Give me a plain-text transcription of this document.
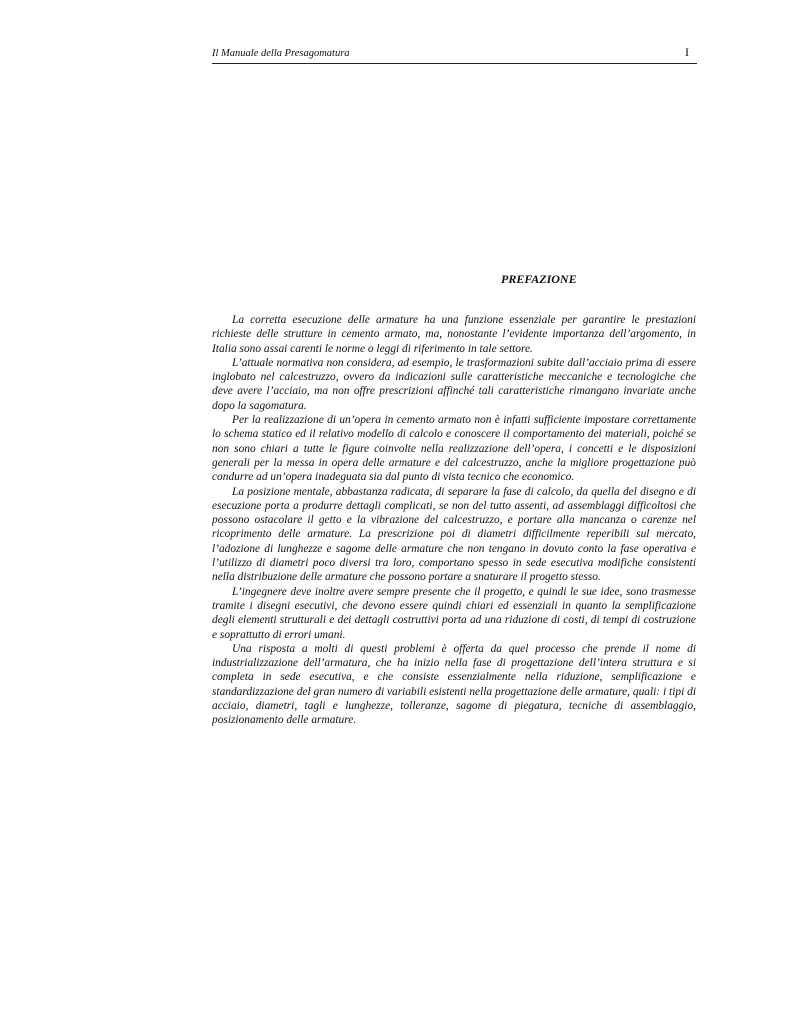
Il Manuale della Presagomatura	I
PREFAZIONE

La corretta esecuzione delle armature ha una funzione essenziale per garantire le prestazioni richieste delle strutture in cemento armato, ma, nonostante l’evidente importanza dell’argomento, in Italia sono assai carenti le norme o leggi di riferimento in tale settore.

L’attuale normativa non considera, ad esempio, le trasformazioni subite dall’acciaio prima di essere inglobato nel calcestruzzo, ovvero da indicazioni sulle caratteristiche meccaniche e tecnologiche che deve avere l’acciaio, ma non offre prescrizioni affinché tali caratteristiche rimangano invariate anche dopo la sagomatura.

Per la realizzazione di un’opera in cemento armato non è infatti sufficiente impostare correttamente lo schema statico ed il relativo modello di calcolo e conoscere il comportamento dei materiali, poiché se non sono chiari a tutte le figure coinvolte nella realizzazione dell’opera, i concetti e le disposizioni generali per la messa in opera delle armature e del calcestruzzo, anche la migliore progettazione può condurre ad un’opera inadeguata sia dal punto di vista tecnico che economico.

La posizione mentale, abbastanza radicata, di separare la fase di calcolo, da quella del disegno e di esecuzione porta a produrre dettagli complicati, se non del tutto assenti, ad assemblaggi difficoltosi che possono ostacolare il getto e la vibrazione del calcestruzzo, e portare alla mancanza o carenze nel ricoprimento delle armature. La prescrizione poi di diametri difficilmente reperibili sul mercato, l’adozione di lunghezze e sagome delle armature che non tengano in dovuto conto la fase operativa e l’utilizzo di diametri poco diversi tra loro, comportano spesso in sede esecutiva modifiche consistenti nella distribuzione delle armature che possono portare a snaturare il progetto stesso.

L’ingegnere deve inoltre avere sempre presente che il progetto, e quindi le sue idee, sono trasmesse tramite i disegni esecutivi, che devono essere quindi chiari ed essenziali in quanto la semplificazione degli elementi strutturali e dei dettagli costruttivi porta ad una riduzione di costi, di tempi di costruzione e soprattutto di errori umani.

Una risposta a molti di questi problemi è offerta da quel processo che prende il nome di industrializzazione dell’armatura, che ha inizio nella fase di progettazione dell’intera struttura e si completa in sede esecutiva, e che consiste essenzialmente nella riduzione, semplificazione e standardizzazione del gran numero di variabili esistenti nella progettazione delle armature, quali: i tipi di acciaio, diametri, tagli e lunghezze, tolleranze, sagome di piegatura, tecniche di assemblaggio, posizionamento delle armature.
